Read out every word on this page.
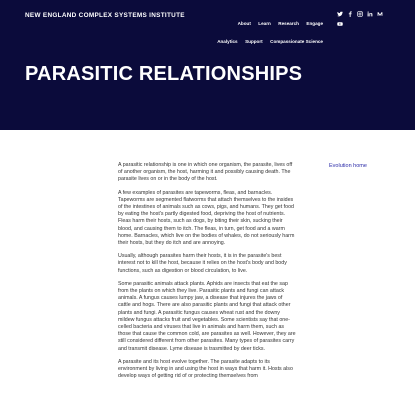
NEW ENGLAND COMPLEX SYSTEMS INSTITUTE
About Learn Research Engage Analytics Support Compassionate Science
PARASITIC RELATIONSHIPS

A parasitic relationship is one in which one organism, the parasite, lives off of another organism, the host, harming it and possibly causing death. The parasite lives on or in the body of the host.

A few examples of parasites are tapeworms, fleas, and barnacles. Tapeworms are segmented flatworms that attach themselves to the insides of the intestines of animals such as cows, pigs, and humans. They get food by eating the host's partly digested food, depriving the host of nutrients. Fleas harm their hosts, such as dogs, by biting their skin, sucking their blood, and causing them to itch. The fleas, in turn, get food and a warm home. Barnacles, which live on the bodies of whales, do not seriously harm their hosts, but they do itch and are annoying.

Usually, although parasites harm their hosts, it is in the parasite's best interest not to kill the host, because it relies on the host's body and body functions, such as digestion or blood circulation, to live.

Some parasitic animals attack plants. Aphids are insects that eat the sap from the plants on which they live. Parasitic plants and fungi can attack animals. A fungus causes lumpy jaw, a disease that injures the jaws of cattle and hogs. There are also parasitic plants and fungi that attack other plants and fungi. A parasitic fungus causes wheat rust and the downy mildew fungus attacks fruit and vegetables. Some scientists say that one-celled bacteria and viruses that live in animals and harm them, such as those that cause the common cold, are parasites as well. However, they are still considered different from other parasites. Many types of parasites carry and transmit disease. Lyme disease is trasmitted by deer ticks.

A parasite and its host evolve together. The parasite adapts to its environment by living in and using the host in ways that harm it. Hosts also develop ways of getting rid of or protecting themselves from

Evolution home
